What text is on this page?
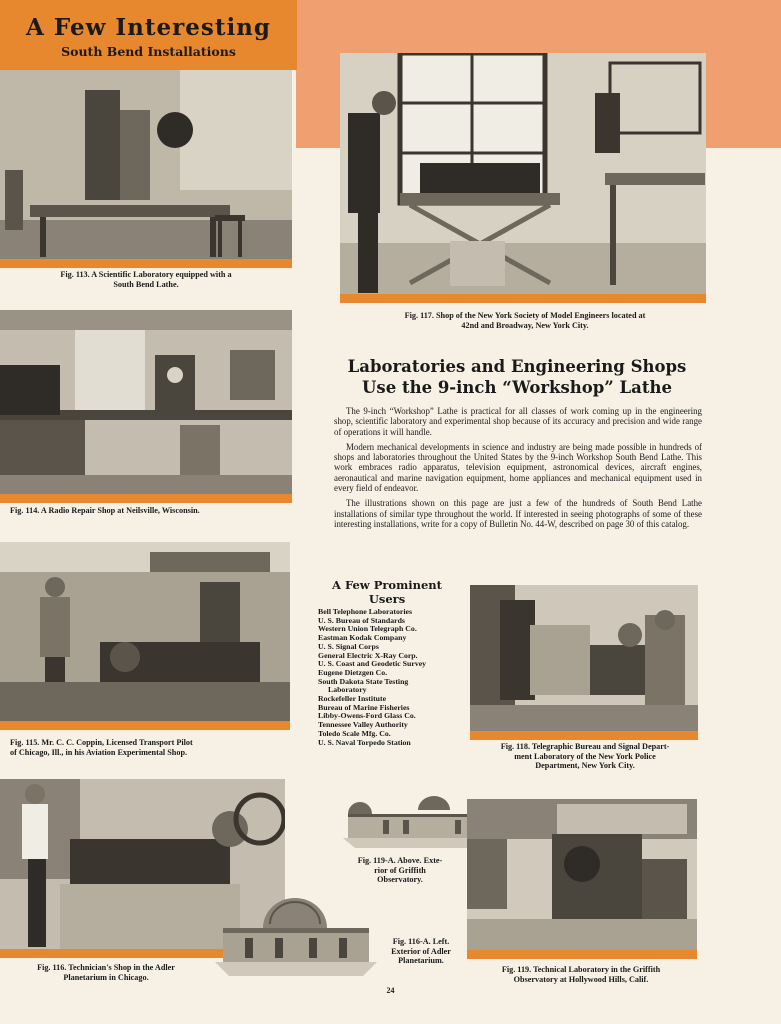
A Few Interesting
South Bend Installations
Fig. 113. A Scientific Laboratory equipped with a
South Bend Lathe.
Fig. 114. A Radio Repair Shop at Neilsville, Wisconsin.
Fig. 115. Mr. C. C. Coppin, Licensed Transport Pilot
of Chicago, Ill., in his Aviation Experimental Shop.
Fig. 116. Technician's Shop in the Adler
Planetarium in Chicago.
Fig. 116-A. Left.
Exterior of Adler
Planetarium.
Fig. 117. Shop of the New York Society of Model Engineers located at
42nd and Broadway, New York City.
Laboratories and Engineering Shops
Use the 9-inch “Workshop” Lathe

The 9-inch “Workshop” Lathe is practical for all classes of work coming up in the engineering shop, scientific laboratory and experimental shop because of its accuracy and precision and wide range of operations it will handle.

Modern mechanical developments in science and industry are being made possible in hundreds of shops and laboratories throughout the United States by the 9-inch Workshop South Bend Lathe. This work embraces radio apparatus, television equipment, astronomical devices, aircraft engines, aeronautical and marine navigation equipment, home appliances and mechanical equipment used in every field of endeavor.

The illustrations shown on this page are just a few of the hundreds of South Bend Lathe installations of similar type throughout the world. If interested in seeing photographs of some of these interesting installations, write for a copy of Bulletin No. 44-W, described on page 30 of this catalog.

A Few Prominent
Users
Bell Telephone Laboratories
U. S. Bureau of Standards
Western Union Telegraph Co.
Eastman Kodak Company
U. S. Signal Corps
General Electric X-Ray Corp.
U. S. Coast and Geodetic Survey
Eugene Dietzgen Co.
South Dakota State Testing
Laboratory
Rockefeller Institute
Bureau of Marine Fisheries
Libby-Owens-Ford Glass Co.
Tennessee Valley Authority
Toledo Scale Mfg. Co.
U. S. Naval Torpedo Station	Fig. 118. Telegraphic Bureau and Signal Depart-
ment Laboratory of the New York Police
Department, New York City.
Fig. 119-A. Above. Exte-
rior of Griffith
Observatory.
Fig. 119. Technical Laboratory in the Griffith
Observatory at Hollywood Hills, Calif.
24
